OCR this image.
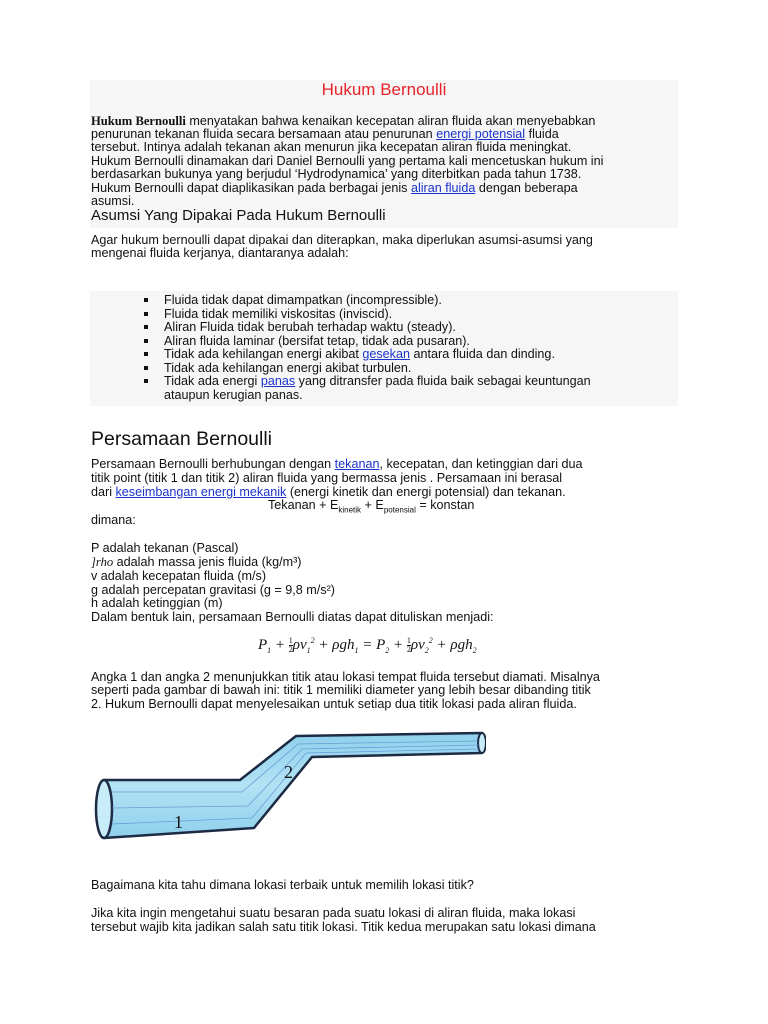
Hukum Bernoulli

Hukum Bernoulli menyatakan bahwa kenaikan kecepatan aliran fluida akan menyebabkan

penurunan tekanan fluida secara bersamaan atau penurunan energi potensial fluida

tersebut. Intinya adalah tekanan akan menurun jika kecepatan aliran fluida meningkat.

Hukum Bernoulli dinamakan dari Daniel Bernoulli yang pertama kali mencetuskan hukum ini

berdasarkan bukunya yang berjudul ‘Hydrodynamica’ yang diterbitkan pada tahun 1738.

Hukum Bernoulli dapat diaplikasikan pada berbagai jenis aliran fluida dengan beberapa

asumsi.

Asumsi Yang Dipakai Pada Hukum Bernoulli

Agar hukum bernoulli dapat dipakai dan diterapkan, maka diperlukan asumsi-asumsi yang

mengenai fluida kerjanya, diantaranya adalah:

Fluida tidak dapat dimampatkan (incompressible).
Fluida tidak memiliki viskositas (inviscid).
Aliran Fluida tidak berubah terhadap waktu (steady).
Aliran fluida laminar (bersifat tetap, tidak ada pusaran).
Tidak ada kehilangan energi akibat gesekan antara fluida dan dinding.
Tidak ada kehilangan energi akibat turbulen.
Tidak ada energi panas yang ditransfer pada fluida baik sebagai keuntungan
ataupun kerugian panas.
Persamaan Bernoulli

Persamaan Bernoulli berhubungan dengan tekanan, kecepatan, dan ketinggian dari dua

titik point (titik 1 dan titik 2) aliran fluida yang bermassa jenis . Persamaan ini berasal

dari keseimbangan energi mekanik (energi kinetik dan energi potensial) dan tekanan.

Tekanan + $E_{kinetik} + E_{potensial}$ = konstan

dimana:

P adalah tekanan (Pascal)

]rho adalah massa jenis fluida (kg/m³)

v adalah kecepatan fluida (m/s)

g adalah percepatan gravitasi (g = 9,8 m/s²)

h adalah ketinggian (m)

Dalam bentuk lain, persamaan Bernoulli diatas dapat dituliskan menjadi:

$P_1 + \frac{1}{2} \rho v_1^2 + \rho gh_1 = P_2 + \frac{1}{2} \rho v_2^2 + \rho gh_2$

Angka 1 dan angka 2 menunjukkan titik atau lokasi tempat fluida tersebut diamati. Misalnya

seperti pada gambar di bawah ini: titik 1 memiliki diameter yang lebih besar dibanding titik

2. Hukum Bernoulli dapat menyelesaikan untuk setiap dua titik lokasi pada aliran fluida.

1
2

Bagaimana kita tahu dimana lokasi terbaik untuk memilih lokasi titik?

Jika kita ingin mengetahui suatu besaran pada suatu lokasi di aliran fluida, maka lokasi

tersebut wajib kita jadikan salah satu titik lokasi. Titik kedua merupakan satu lokasi dimana
